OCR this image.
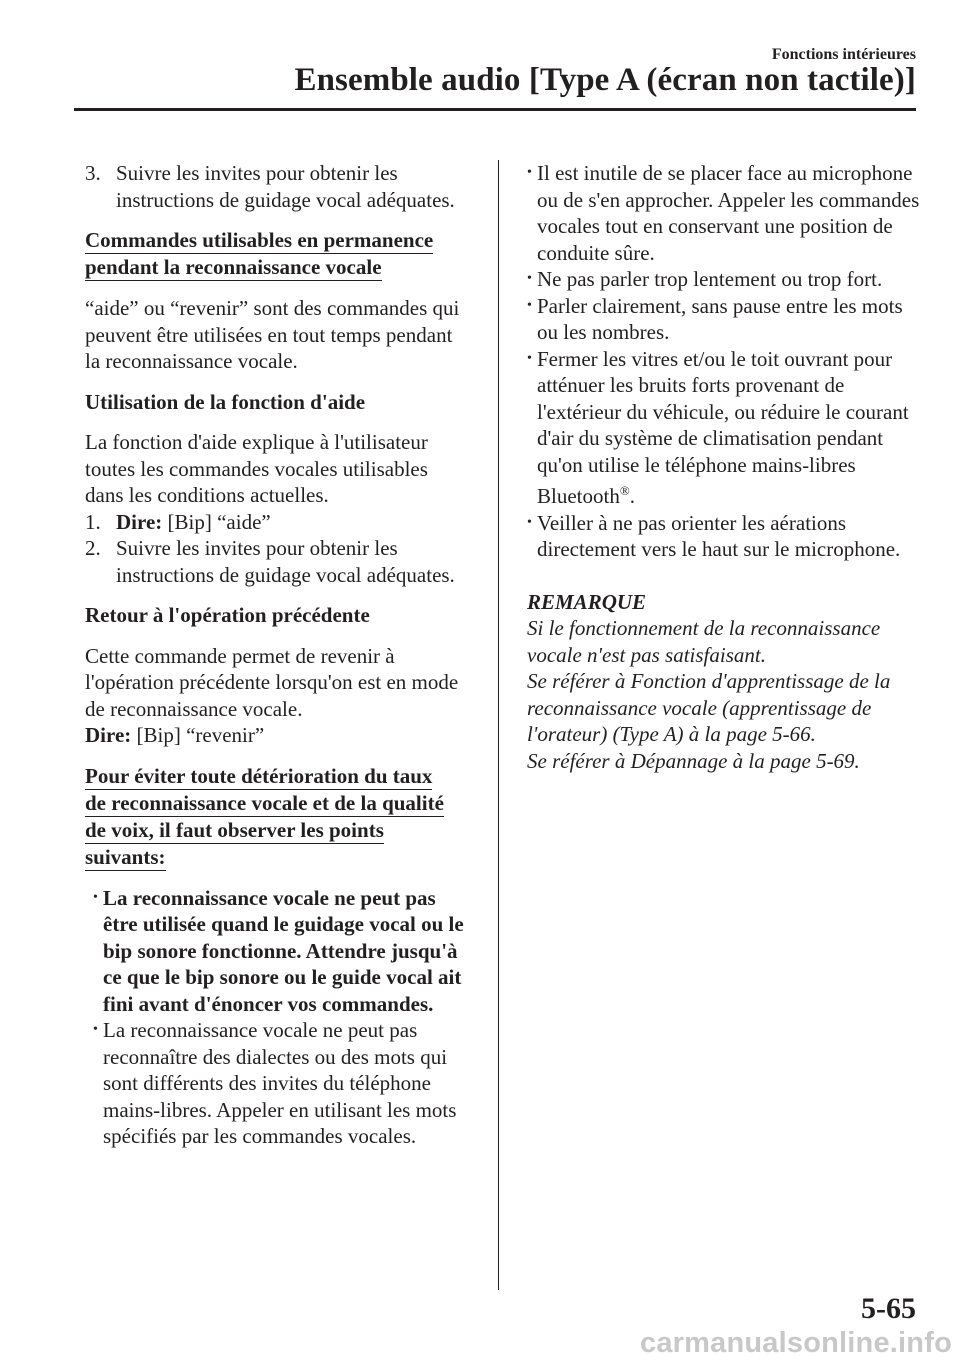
Fonctions intérieures
Ensemble audio [Type A (écran non tactile)]
3. Suivre les invites pour obtenir les instructions de guidage vocal adéquates.
Commandes utilisables en permanence
pendant la reconnaissance vocale

“aide” ou “revenir” sont des commandes qui peuvent être utilisées en tout temps pendant la reconnaissance vocale.

Utilisation de la fonction d'aide

La fonction d'aide explique à l'utilisateur toutes les commandes vocales utilisables dans les conditions actuelles.

1. Dire: [Bip] “aide”
2. Suivre les invites pour obtenir les instructions de guidage vocal adéquates.

Retour à l'opération précédente

Cette commande permet de revenir à l'opération précédente lorsqu'on est en mode de reconnaissance vocale.

Dire: [Bip] “revenir”

Pour éviter toute détérioration du taux
de reconnaissance vocale et de la qualité
de voix, il faut observer les points
suivants:
• La reconnaissance vocale ne peut pas être utilisée quand le guidage vocal ou le bip sonore fonctionne. Attendre jusqu'à ce que le bip sonore ou le guide vocal ait fini avant d'énoncer vos commandes.
• La reconnaissance vocale ne peut pas reconnaître des dialectes ou des mots qui sont différents des invites du téléphone mains-libres. Appeler en utilisant les mots spécifiés par les commandes vocales.
• Il est inutile de se placer face au microphone ou de s'en approcher. Appeler les commandes vocales tout en conservant une position de conduite sûre.
• Ne pas parler trop lentement ou trop fort.
• Parler clairement, sans pause entre les mots ou les nombres.
• Fermer les vitres et/ou le toit ouvrant pour atténuer les bruits forts provenant de l'extérieur du véhicule, ou réduire le courant d'air du système de climatisation pendant qu'on utilise le téléphone mains-libres Bluetooth®.
• Veiller à ne pas orienter les aérations directement vers le haut sur le microphone.

REMARQUE

Si le fonctionnement de la reconnaissance vocale n'est pas satisfaisant.

Se référer à Fonction d'apprentissage de la reconnaissance vocale (apprentissage de l'orateur) (Type A) à la page 5-66.

Se référer à Dépannage à la page 5-69.

5-65
carmanualsonline.info
